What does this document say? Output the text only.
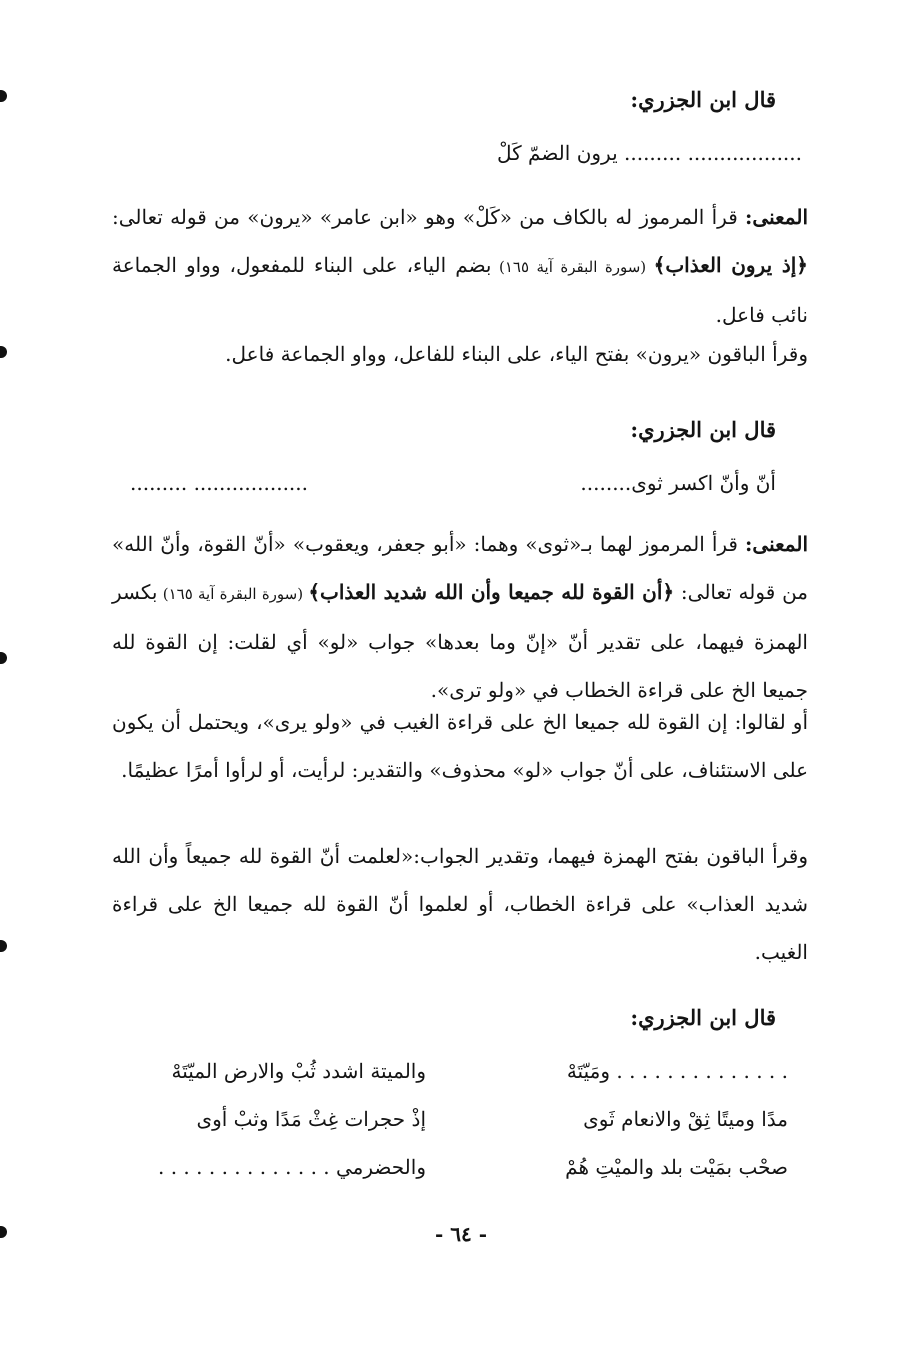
قال ابن الجزري:
.................. ......... يرون الضمّ كَلْ
المعنى: قرأ المرموز له بالكاف من «كَلْ» وهو «ابن عامر» «يرون» من قوله تعالى: ﴿إذ يرون العذاب﴾ (سورة البقرة آية ١٦٥) بضم الياء، على البناء للمفعول، وواو الجماعة نائب فاعل.
وقرأ الباقون «يرون» بفتح الياء، على البناء للفاعل، وواو الجماعة فاعل.
قال ابن الجزري:
أنّ وأنّ اكسر ثوى........
.................. .........
المعنى: قرأ المرموز لهما بـ«ثوى» وهما: «أبو جعفر، ويعقوب» «أنّ القوة، وأنّ الله» من قوله تعالى: ﴿أن القوة لله جميعا وأن الله شديد العذاب﴾ (سورة البقرة آية ١٦٥) بكسر الهمزة فيهما، على تقدير أنّ «إنّ وما بعدها» جواب «لو» أي لقلت: إن القوة لله جميعا الخ على قراءة الخطاب في «ولو ترى».
أو لقالوا: إن القوة لله جميعا الخ على قراءة الغيب في «ولو يرى»، ويحتمل أن يكون على الاستئناف، على أنّ جواب «لو» محذوف» والتقدير: لرأيت، أو لرأوا أمرًا عظيمًا.
وقرأ الباقون بفتح الهمزة فيهما، وتقدير الجواب:«لعلمت أنّ القوة لله جميعاً وأن الله شديد العذاب» على قراءة الخطاب، أو لعلموا أنّ القوة لله جميعا الخ على قراءة الغيب.
قال ابن الجزري:
. . . . . . . . . . . . . . ومَيّتَهْ
والميتة اشدد ثُبْ والارض الميّتَهْ
مدًا وميتًا ثِقْ والانعام ثَوى
إذْ حجرات غِثْ مَدًا وثبْ أوى
صحْب بمَيْت بلد والميْتِ هُمْ
والحضرمي . . . . . . . . . . . . . .
- ٦٤ -
